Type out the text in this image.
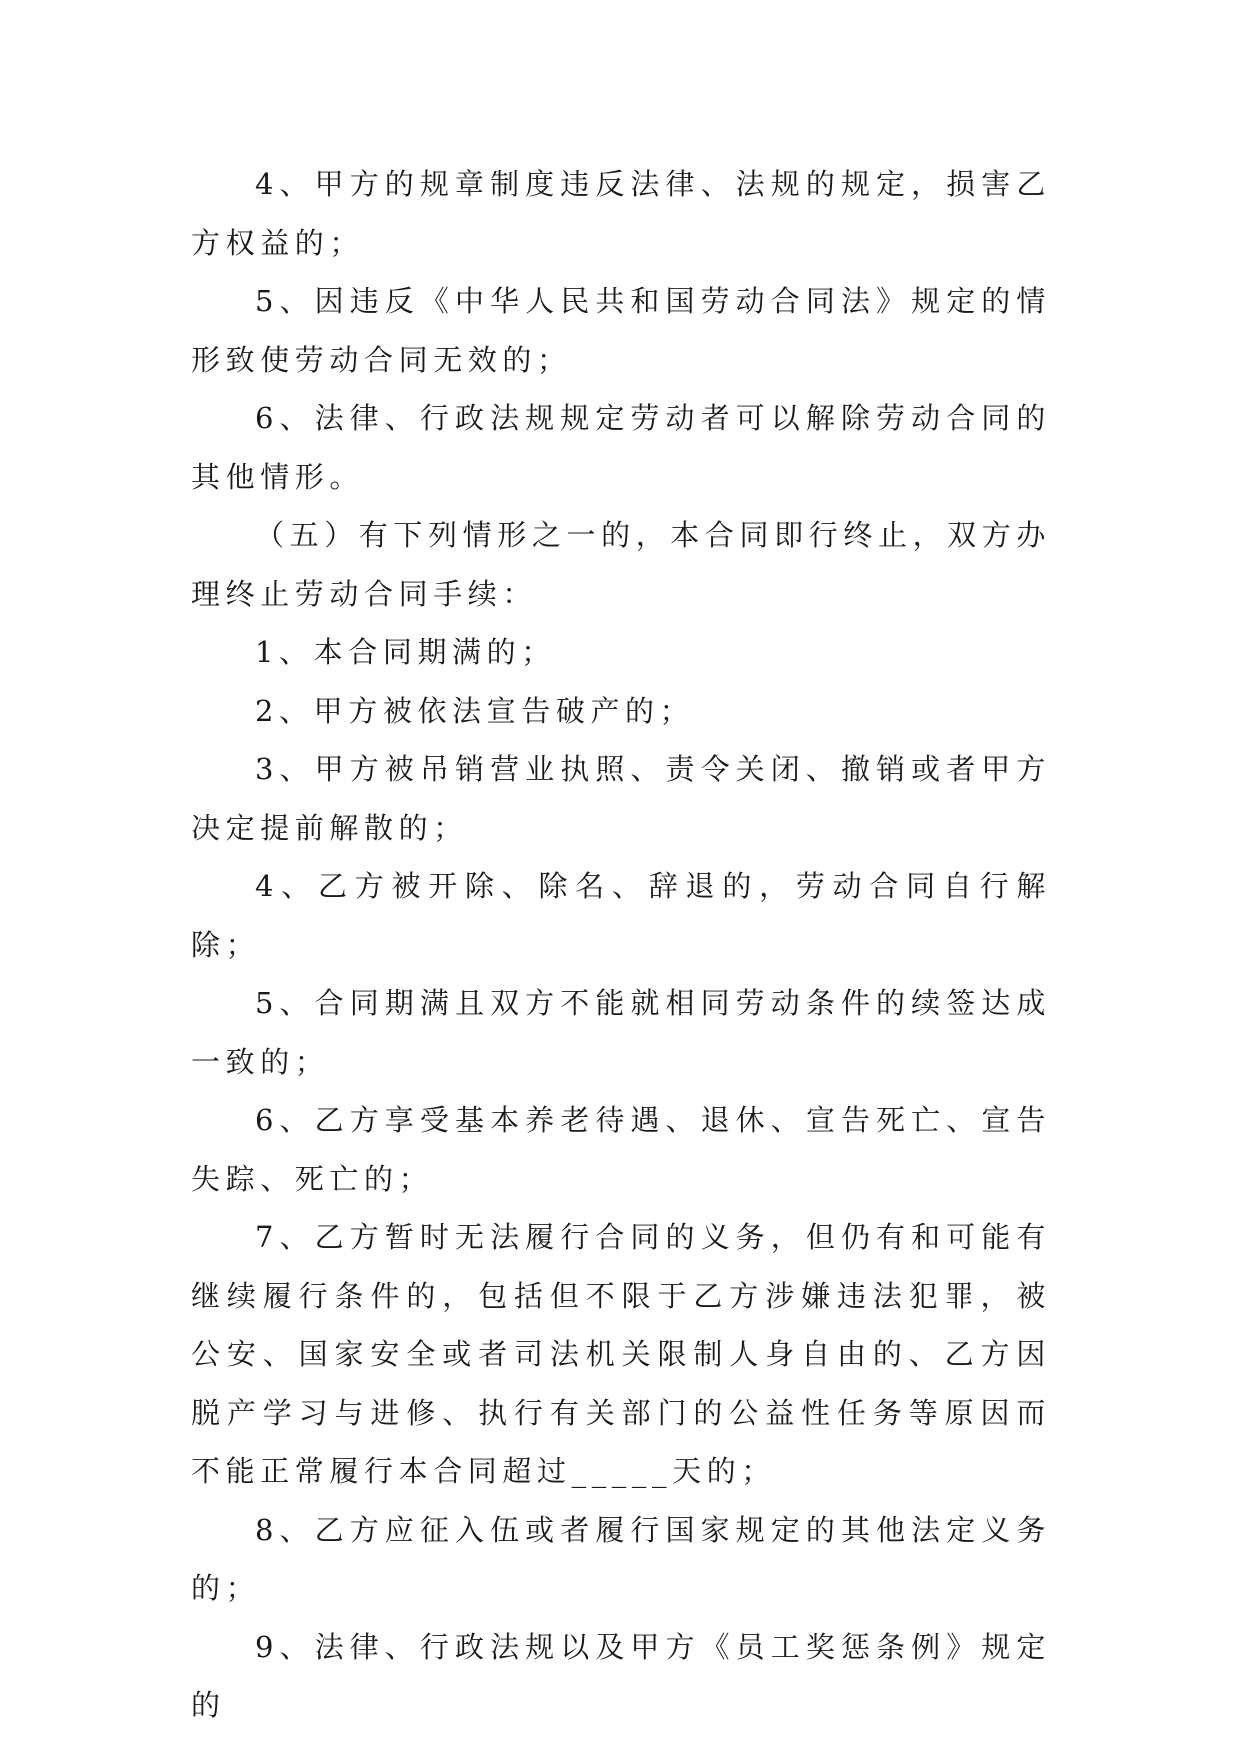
4、甲方的规章制度违反法律、法规的规定，损害乙方权益的；

5、因违反《中华人民共和国劳动合同法》规定的情形致使劳动合同无效的；

6、法律、行政法规规定劳动者可以解除劳动合同的其他情形。

（五）有下列情形之一的，本合同即行终止，双方办理终止劳动合同手续：

1、本合同期满的；

2、甲方被依法宣告破产的；

3、甲方被吊销营业执照、责令关闭、撤销或者甲方决定提前解散的；

4、乙方被开除、除名、辞退的，劳动合同自行解除；

5、合同期满且双方不能就相同劳动条件的续签达成一致的；

6、乙方享受基本养老待遇、退休、宣告死亡、宣告失踪、死亡的；

7、乙方暂时无法履行合同的义务，但仍有和可能有继续履行条件的，包括但不限于乙方涉嫌违法犯罪，被公安、国家安全或者司法机关限制人身自由的、乙方因脱产学习与进修、执行有关部门的公益性任务等原因而不能正常履行本合同超过_____天的；

8、乙方应征入伍或者履行国家规定的其他法定义务的；

9、法律、行政法规以及甲方《员工奖惩条例》规定的
